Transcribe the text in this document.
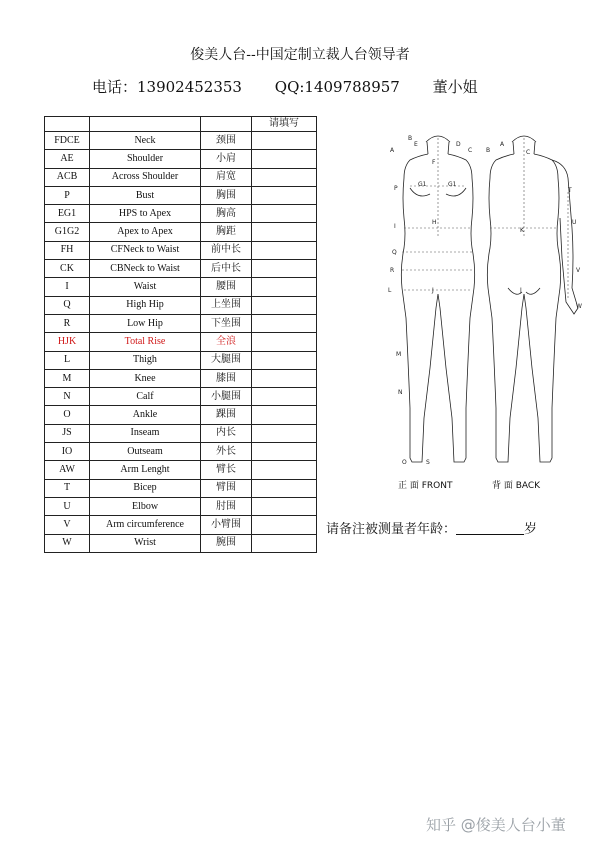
俊美人台--中国定制立裁人台领导者
电话：13902452353 QQ:1409788957 董小姐
			请填写
FDCE	Neck	颈围	
AE	Shoulder	小肩	
ACB	Across Shoulder	肩宽	
P	Bust	胸围	
EG1	HPS to Apex	胸高	
G1G2	Apex to Apex	胸距	
FH	CFNeck to Waist	前中长	
CK	CBNeck to Waist	后中长	
I	Waist	腰围	
Q	High Hip	上坐围	
R	Low Hip	下坐围	
HJK	Total Rise	全浪	
L	Thigh	大腿围	
M	Knee	膝围	
N	Calf	小腿围	
O	Ankle	踝围	
JS	Inseam	内长	
IO	Outseam	外长	
AW	Arm Lenght	臂长	
T	Bicep	臂围	
U	Elbow	肘围	
V	Arm circumference	小臂围	
W	Wrist	腕围	
A
B
E	D
C
F
P
G1	G1
H
I
Q
R
L	J
M
N
O	S
B
A
C
T
U
K
V
W
J
正 面 FRONT	背 面 BACK
请备注被测量者年龄：	岁
知乎 @俊美人台小董
